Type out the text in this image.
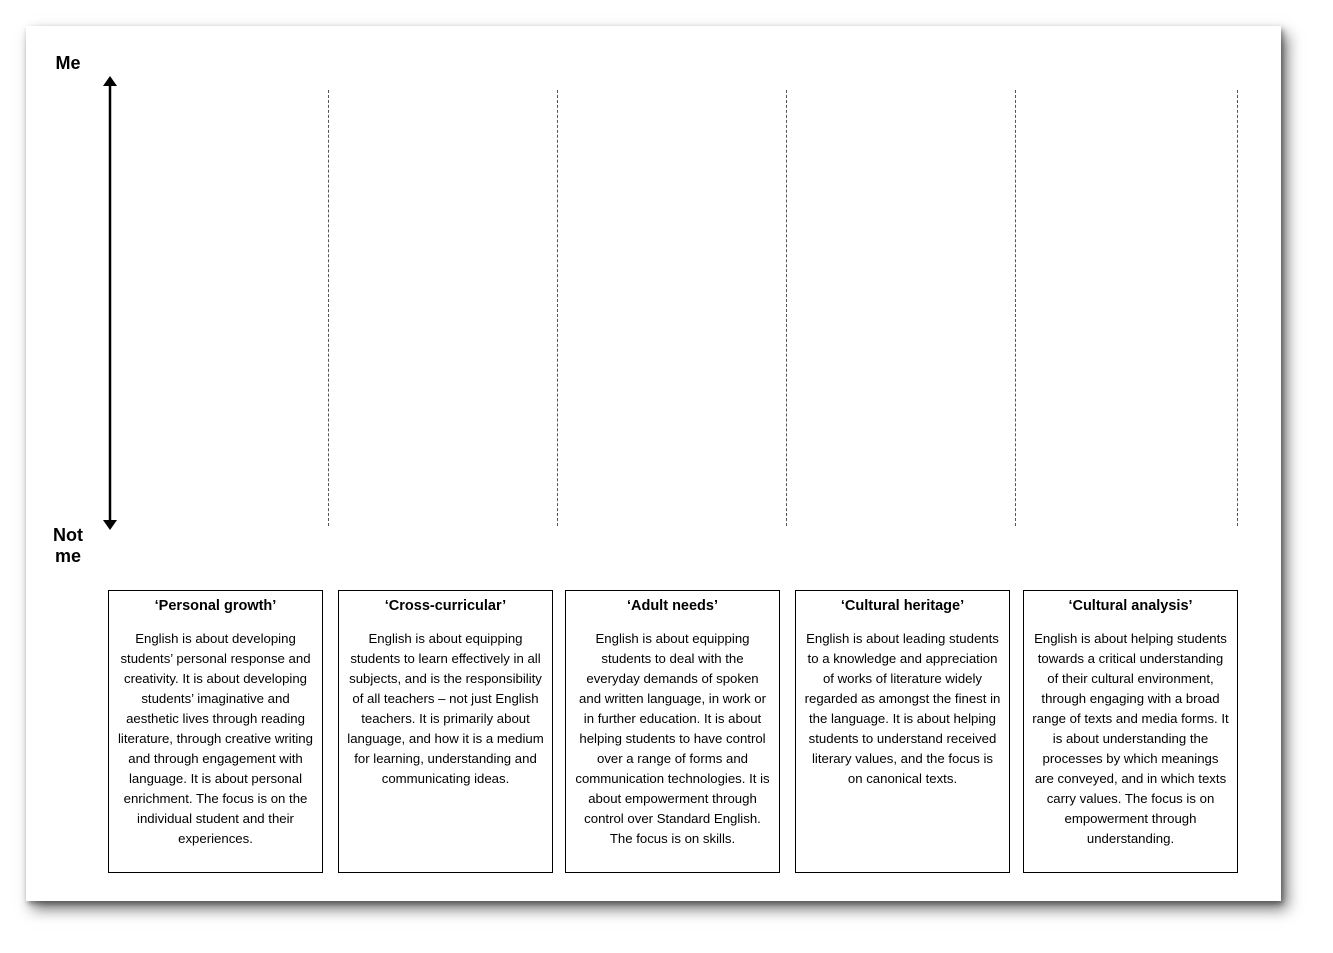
Me
Not
me
‘Personal growth’
English is about developing students’ personal response and creativity. It is about developing students’ imaginative and aesthetic lives through reading literature, through creative writing and through engagement with language. It is about personal enrichment. The focus is on the individual student and their experiences.
‘Cross-curricular’
English is about equipping students to learn effectively in all subjects, and is the responsibility of all teachers – not just English teachers. It is primarily about language, and how it is a medium for learning, understanding and communicating ideas.
‘Adult needs’
English is about equipping students to deal with the everyday demands of spoken and written language, in work or in further education. It is about helping students to have control over a range of forms and communication technologies. It is about empowerment through control over Standard English. The focus is on skills.
‘Cultural heritage’
English is about leading students to a knowledge and appreciation of works of literature widely regarded as amongst the finest in the language. It is about helping students to understand received literary values, and the focus is on canonical texts.
‘Cultural analysis’
English is about helping students towards a critical understanding of their cultural environment, through engaging with a broad range of texts and media forms. It is about understanding the processes by which meanings are conveyed, and in which texts carry values. The focus is on empowerment through understanding.
